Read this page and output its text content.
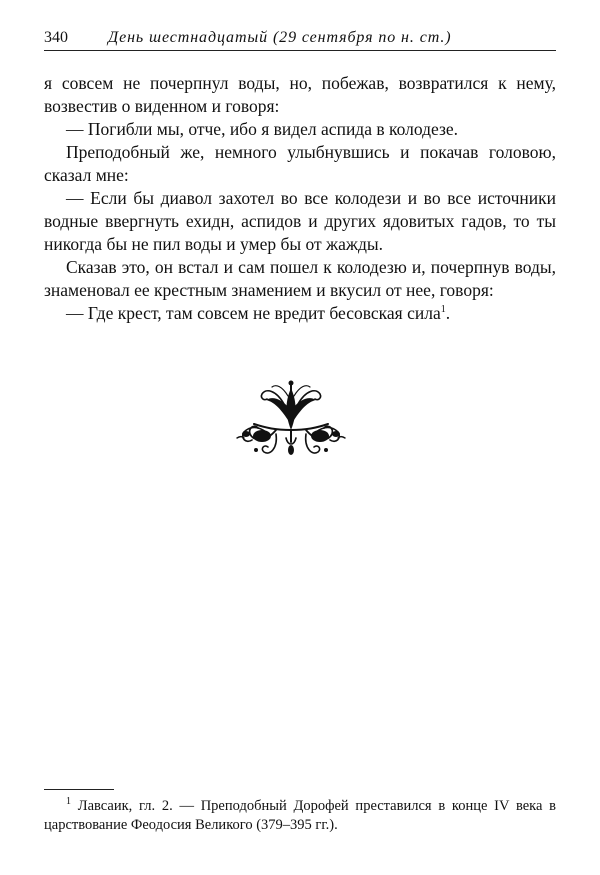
340	День шестнадцатый (29 сентября по н. ст.)

я совсем не почерпнул воды, но, побежав, возвратился к нему, возвестив о виденном и говоря:

— Погибли мы, отче, ибо я видел аспида в колодезе.

Преподобный же, немного улыбнувшись и покачав головою, сказал мне:

— Если бы диавол захотел во все колодези и во все источники водные ввергнуть ехидн, аспидов и других ядовитых гадов, то ты никогда бы не пил воды и умер бы от жажды.

Сказав это, он встал и сам пошел к колодезю и, почерпнув воды, знаменовал ее крестным знамением и вкусил от нее, говоря:

— Где крест, там совсем не вредит бесовская сила$^1$.

$^1$ Лавсаик, гл. 2. — Преподобный Дорофей преставился в конце IV века в царствование Феодосия Великого (379–395 гг.).
